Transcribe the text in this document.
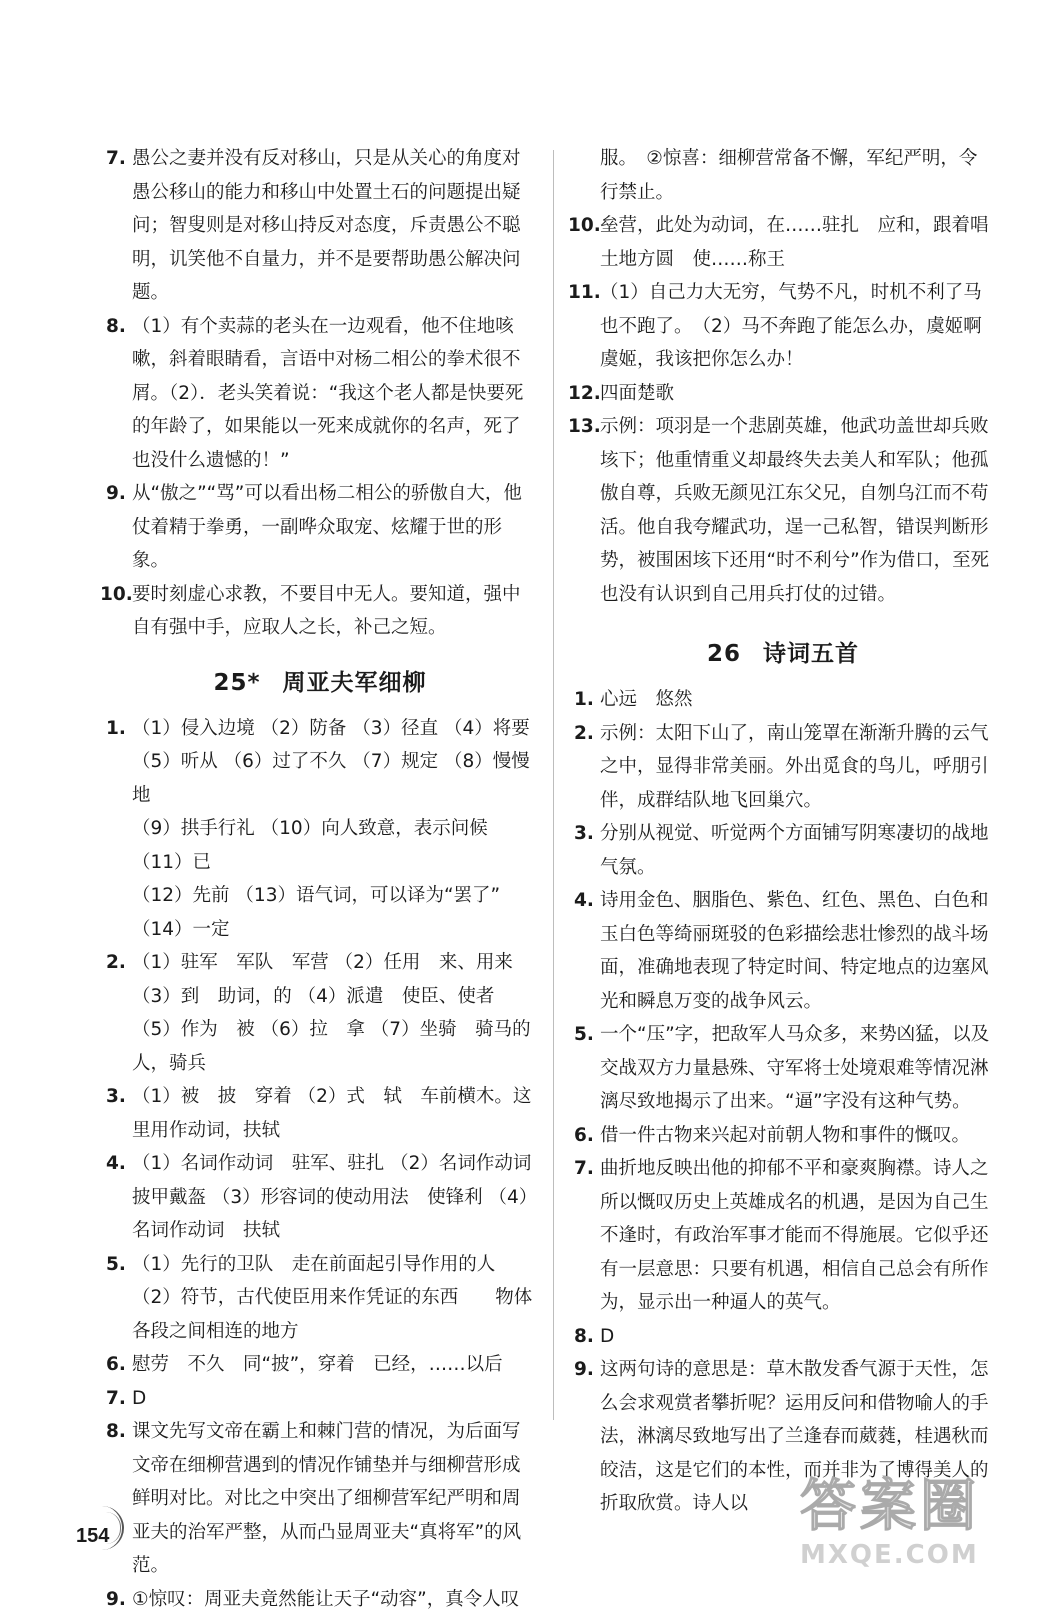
7. 愚公之妻并没有反对移山，只是从关心的角度对愚公移山的能力和移山中处置土石的问题提出疑问；智叟则是对移山持反对态度，斥责愚公不聪明，讥笑他不自量力，并不是要帮助愚公解决问题。
8. （1）有个卖蒜的老头在一边观看，他不住地咳嗽，斜着眼睛看，言语中对杨二相公的拳术很不屑。（2）．老头笑着说：“我这个老人都是快要死的年龄了，如果能以一死来成就你的名声，死了也没什么遗憾的！”
9. 从“傲之”“骂”可以看出杨二相公的骄傲自大，他仗着精于拳勇，一副哗众取宠、炫耀于世的形象。
10. 要时刻虚心求教，不要目中无人。要知道，强中自有强中手，应取人之长，补己之短。
25* 周亚夫军细柳
1. （1）侵入边境 （2）防备 （3）径直 （4）将要
（5）听从 （6）过了不久 （7）规定 （8）慢慢地
（9）拱手行礼 （10）向人致意，表示问候 （11）已
（12）先前 （13）语气词，可以译为“罢了”
（14）一定
2. （1）驻军　军队　军营 （2）任用　来、用来
（3）到　助词，的 （4）派遣　使臣、使者
（5）作为　被 （6）拉　拿 （7）坐骑　骑马的人，骑兵
3. （1）被　披　穿着 （2）式　轼　车前横木。这里用作动词，扶轼
4. （1）名词作动词　驻军、驻扎 （2）名词作动词　披甲戴盔 （3）形容词的使动用法　使锋利 （4）名词作动词　扶轼
5. （1）先行的卫队　走在前面起引导作用的人
（2）符节，古代使臣用来作凭证的东西　　物体各段之间相连的地方
6. 慰劳　不久　同“披”，穿着　已经，……以后
7. D
8. 课文先写文帝在霸上和棘门营的情况，为后面写文帝在细柳营遇到的情况作铺垫并与细柳营形成鲜明对比。对比之中突出了细柳营军纪严明和周亚夫的治军严整，从而凸显周亚夫“真将军”的风范。
9. ①惊叹：周亚夫竟然能让天子“动容”，真令人叹
服。　②惊喜：细柳营常备不懈，军纪严明，令行禁止。
10. 垒营，此处为动词，在……驻扎　应和，跟着唱　土地方圆　使……称王
11. （1）自己力大无穷，气势不凡，时机不利了马也不跑了。　（2）马不奔跑了能怎么办，虞姬啊虞姬，我该把你怎么办！
12. 四面楚歌
13. 示例：项羽是一个悲剧英雄，他武功盖世却兵败垓下；他重情重义却最终失去美人和军队；他孤傲自尊，兵败无颜见江东父兄，自刎乌江而不苟活。他自我夸耀武功，逞一己私智，错误判断形势，被围困垓下还用“时不利兮”作为借口，至死也没有认识到自己用兵打仗的过错。
26 诗词五首
1. 心远　悠然
2. 示例：太阳下山了，南山笼罩在渐渐升腾的云气之中，显得非常美丽。外出觅食的鸟儿，呼朋引伴，成群结队地飞回巢穴。
3. 分别从视觉、听觉两个方面铺写阴寒凄切的战地气氛。
4. 诗用金色、胭脂色、紫色、红色、黑色、白色和玉白色等绮丽斑驳的色彩描绘悲壮惨烈的战斗场面，准确地表现了特定时间、特定地点的边塞风光和瞬息万变的战争风云。
5. 一个“压”字，把敌军人马众多，来势凶猛，以及交战双方力量悬殊、守军将士处境艰难等情况淋漓尽致地揭示了出来。“逼”字没有这种气势。
6. 借一件古物来兴起对前朝人物和事件的慨叹。
7. 曲折地反映出他的抑郁不平和豪爽胸襟。诗人之所以慨叹历史上英雄成名的机遇，是因为自己生不逢时，有政治军事才能而不得施展。它似乎还有一层意思：只要有机遇，相信自己总会有所作为，显示出一种逼人的英气。
8. D
9. 这两句诗的意思是：草木散发香气源于天性，怎么会求观赏者攀折呢？运用反问和借物喻人的手法，淋漓尽致地写出了兰逢春而葳蕤，桂遇秋而皎洁，这是它们的本性，而并非为了博得美人的折取欣赏。诗人以
154	答案圈
MXQE.COM
